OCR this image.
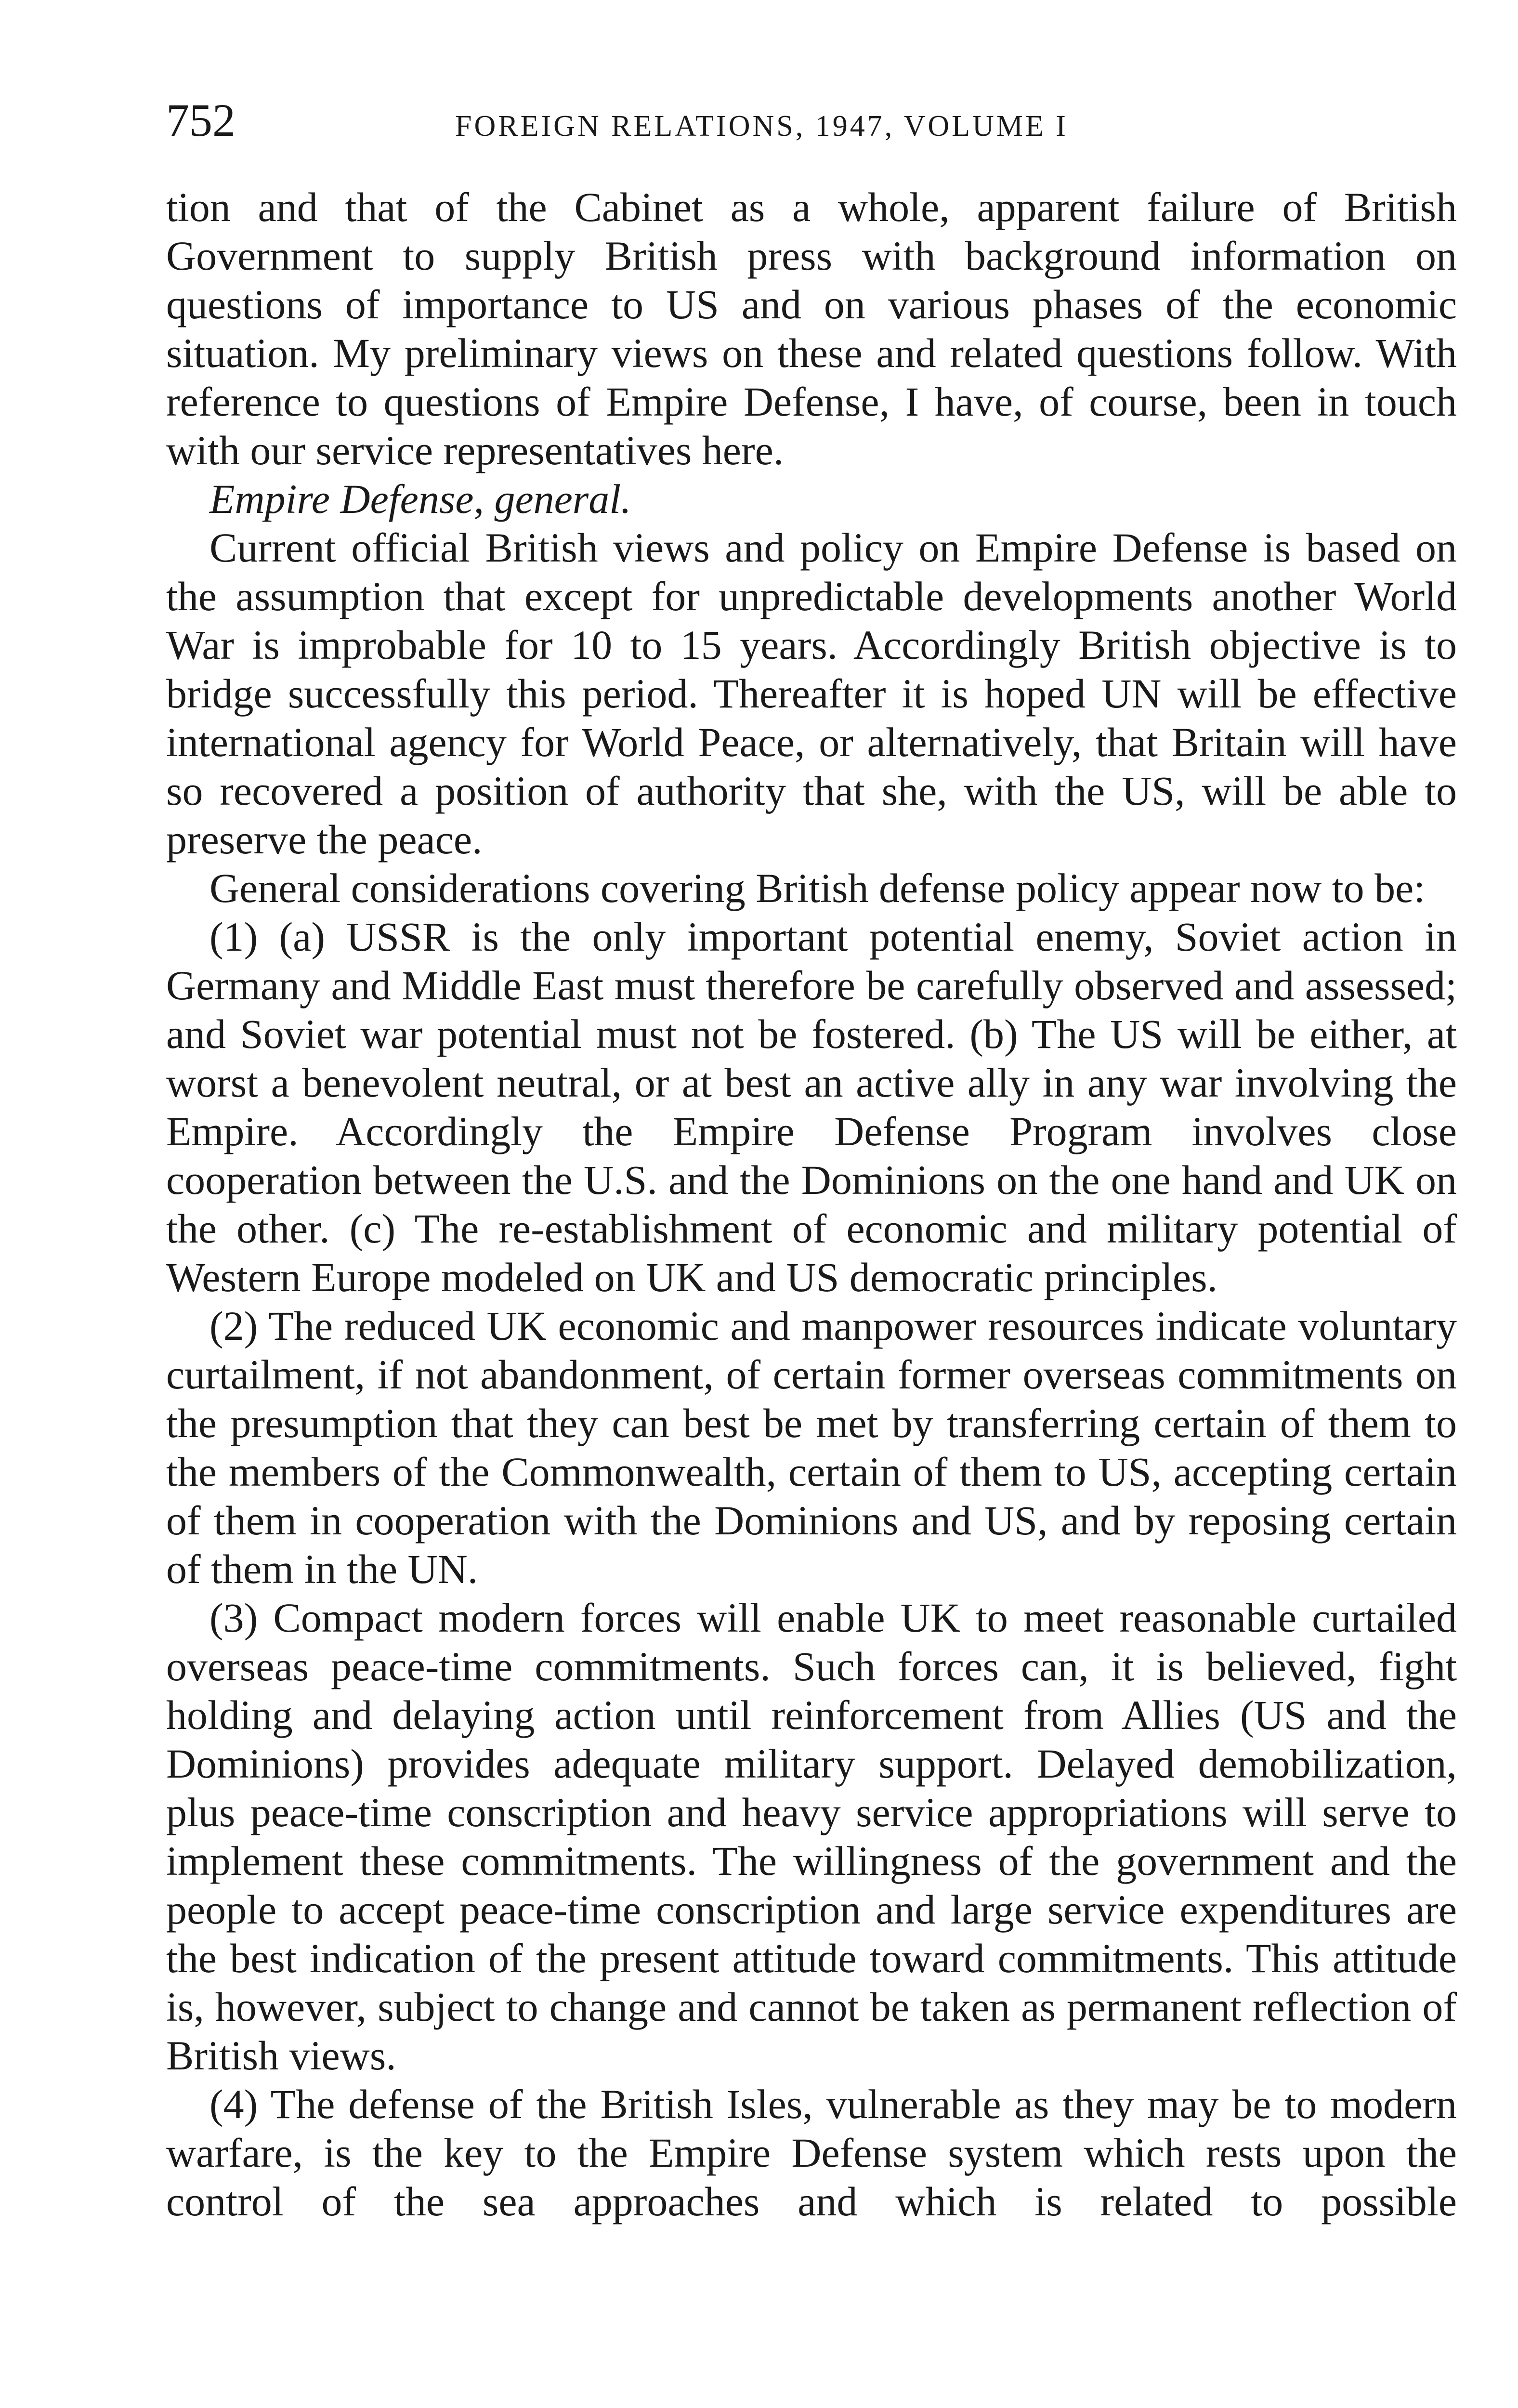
752	FOREIGN RELATIONS, 1947, VOLUME I

tion and that of the Cabinet as a whole, apparent failure of British Government to supply British press with background information on questions of importance to US and on various phases of the economic situation. My preliminary views on these and related questions follow. With reference to questions of Empire Defense, I have, of course, been in touch with our service representatives here.

Empire Defense, general.

Current official British views and policy on Empire Defense is based on the assumption that except for unpredictable developments another World War is improbable for 10 to 15 years. Accordingly British objective is to bridge successfully this period. Thereafter it is hoped UN will be effective international agency for World Peace, or alternatively, that Britain will have so recovered a position of authority that she, with the US, will be able to preserve the peace.

General considerations covering British defense policy appear now to be:

(1) (a) USSR is the only important potential enemy, Soviet action in Germany and Middle East must therefore be carefully observed and assessed; and Soviet war potential must not be fostered. (b) The US will be either, at worst a benevolent neutral, or at best an active ally in any war involving the Empire. Accordingly the Empire Defense Program involves close cooperation between the U.S. and the Dominions on the one hand and UK on the other. (c) The re-establishment of economic and military potential of Western Europe modeled on UK and US democratic principles.

(2) The reduced UK economic and manpower resources indicate voluntary curtailment, if not abandonment, of certain former overseas commitments on the presumption that they can best be met by transferring certain of them to the members of the Commonwealth, certain of them to US, accepting certain of them in cooperation with the Dominions and US, and by reposing certain of them in the UN.

(3) Compact modern forces will enable UK to meet reasonable curtailed overseas peace-time commitments. Such forces can, it is believed, fight holding and delaying action until reinforcement from Allies (US and the Dominions) provides adequate military support. Delayed demobilization, plus peace-time conscription and heavy service appropriations will serve to implement these commitments. The willingness of the government and the people to accept peace-time conscription and large service expenditures are the best indication of the present attitude toward commitments. This attitude is, however, subject to change and cannot be taken as permanent reflection of British views.

(4) The defense of the British Isles, vulnerable as they may be to modern warfare, is the key to the Empire Defense system which rests upon the control of the sea approaches and which is related to possible
